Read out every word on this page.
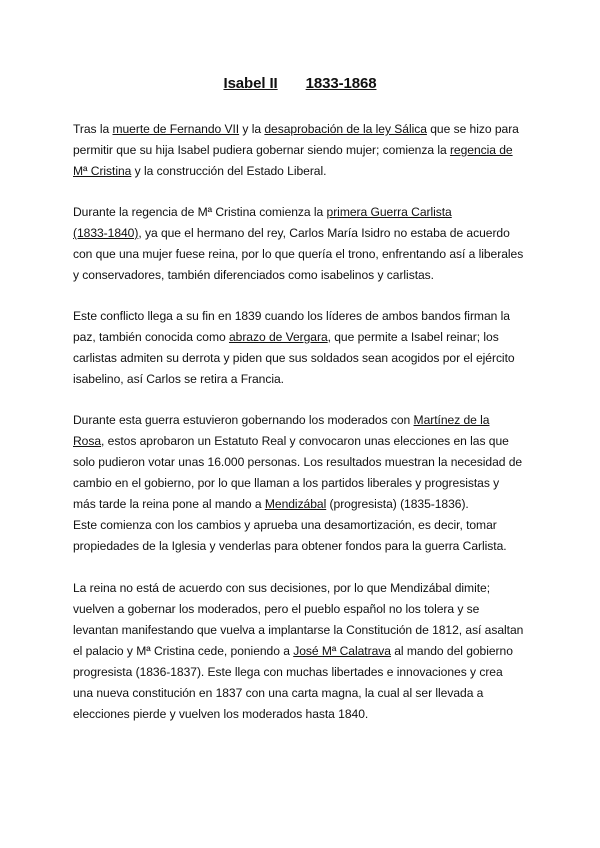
Isabel II 1833-1868

Tras la muerte de Fernando VII y la desaprobación de la ley Sálica que se hizo para
permitir que su hija Isabel pudiera gobernar siendo mujer; comienza la regencia de
Mª Cristina y la construcción del Estado Liberal.

Durante la regencia de Mª Cristina comienza la primera Guerra Carlista
(1833-1840), ya que el hermano del rey, Carlos María Isidro no estaba de acuerdo
con que una mujer fuese reina, por lo que quería el trono, enfrentando así a liberales
y conservadores, también diferenciados como isabelinos y carlistas.

Este conflicto llega a su fin en 1839 cuando los líderes de ambos bandos firman la
paz, también conocida como abrazo de Vergara, que permite a Isabel reinar; los
carlistas admiten su derrota y piden que sus soldados sean acogidos por el ejército
isabelino, así Carlos se retira a Francia.

Durante esta guerra estuvieron gobernando los moderados con Martínez de la
Rosa, estos aprobaron un Estatuto Real y convocaron unas elecciones en las que
solo pudieron votar unas 16.000 personas. Los resultados muestran la necesidad de
cambio en el gobierno, por lo que llaman a los partidos liberales y progresistas y
más tarde la reina pone al mando a Mendizábal (progresista) (1835-1836).
Este comienza con los cambios y aprueba una desamortización, es decir, tomar
propiedades de la Iglesia y venderlas para obtener fondos para la guerra Carlista.

La reina no está de acuerdo con sus decisiones, por lo que Mendizábal dimite;
vuelven a gobernar los moderados, pero el pueblo español no los tolera y se
levantan manifestando que vuelva a implantarse la Constitución de 1812, así asaltan
el palacio y Mª Cristina cede, poniendo a José Mª Calatrava al mando del gobierno
progresista (1836-1837). Este llega con muchas libertades e innovaciones y crea
una nueva constitución en 1837 con una carta magna, la cual al ser llevada a
elecciones pierde y vuelven los moderados hasta 1840.
